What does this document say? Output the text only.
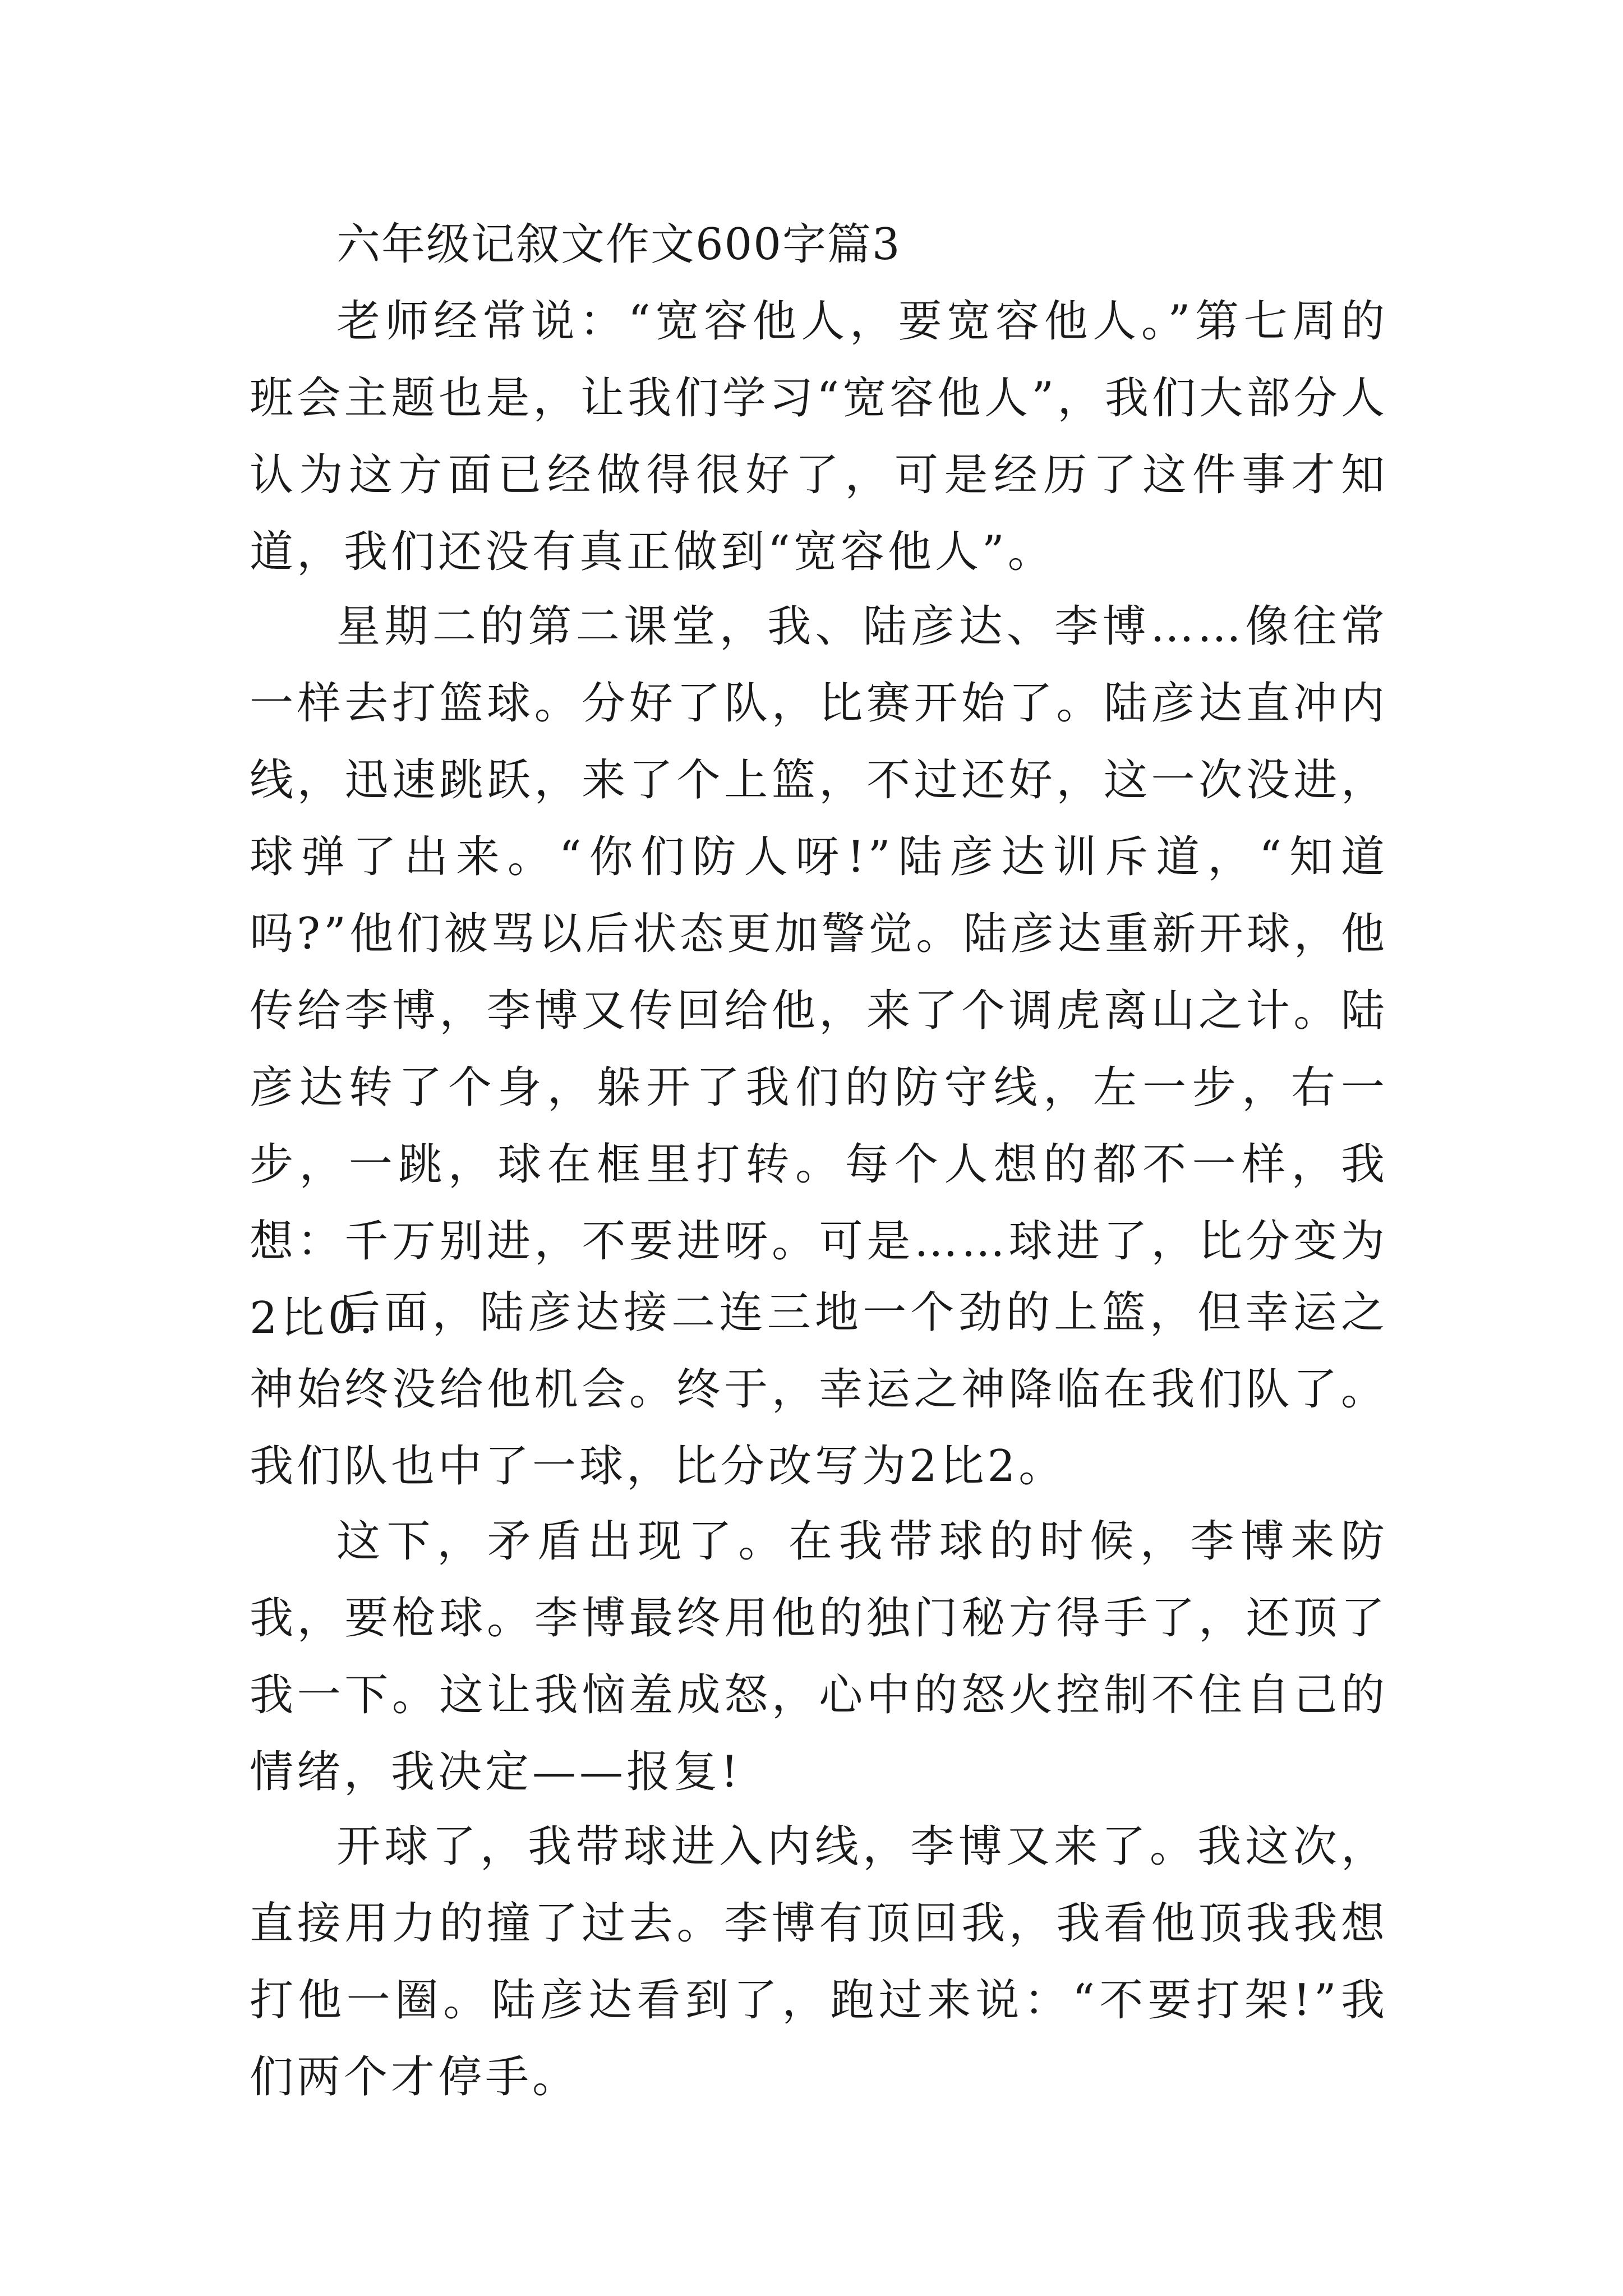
六年级记叙文作文600字篇3

老师经常说：“宽容他人，要宽容他人。”第七周的班会主题也是，让我们学习“宽容他人”，我们大部分人认为这方面已经做得很好了，可是经历了这件事才知道，我们还没有真正做到“宽容他人”。

星期二的第二课堂，我、陆彦达、李博……像往常一样去打篮球。分好了队，比赛开始了。陆彦达直冲内线，迅速跳跃，来了个上篮，不过还好，这一次没进，球弹了出来。“你们防人呀!”陆彦达训斥道，“知道吗?”他们被骂以后状态更加警觉。陆彦达重新开球，他传给李博，李博又传回给他，来了个调虎离山之计。陆彦达转了个身，躲开了我们的防守线，左一步，右一步，一跳，球在框里打转。每个人想的都不一样，我想：千万别进，不要进呀。可是……球进了，比分变为2比0.

后面，陆彦达接二连三地一个劲的上篮，但幸运之神始终没给他机会。终于，幸运之神降临在我们队了。我们队也中了一球，比分改写为2比2。

这下，矛盾出现了。在我带球的时候，李博来防我，要枪球。李博最终用他的独门秘方得手了，还顶了我一下。这让我恼羞成怒，心中的怒火控制不住自己的情绪，我决定——报复!

开球了，我带球进入内线，李博又来了。我这次，直接用力的撞了过去。李博有顶回我，我看他顶我我想打他一圈。陆彦达看到了，跑过来说：“不要打架!”我们两个才停手。
